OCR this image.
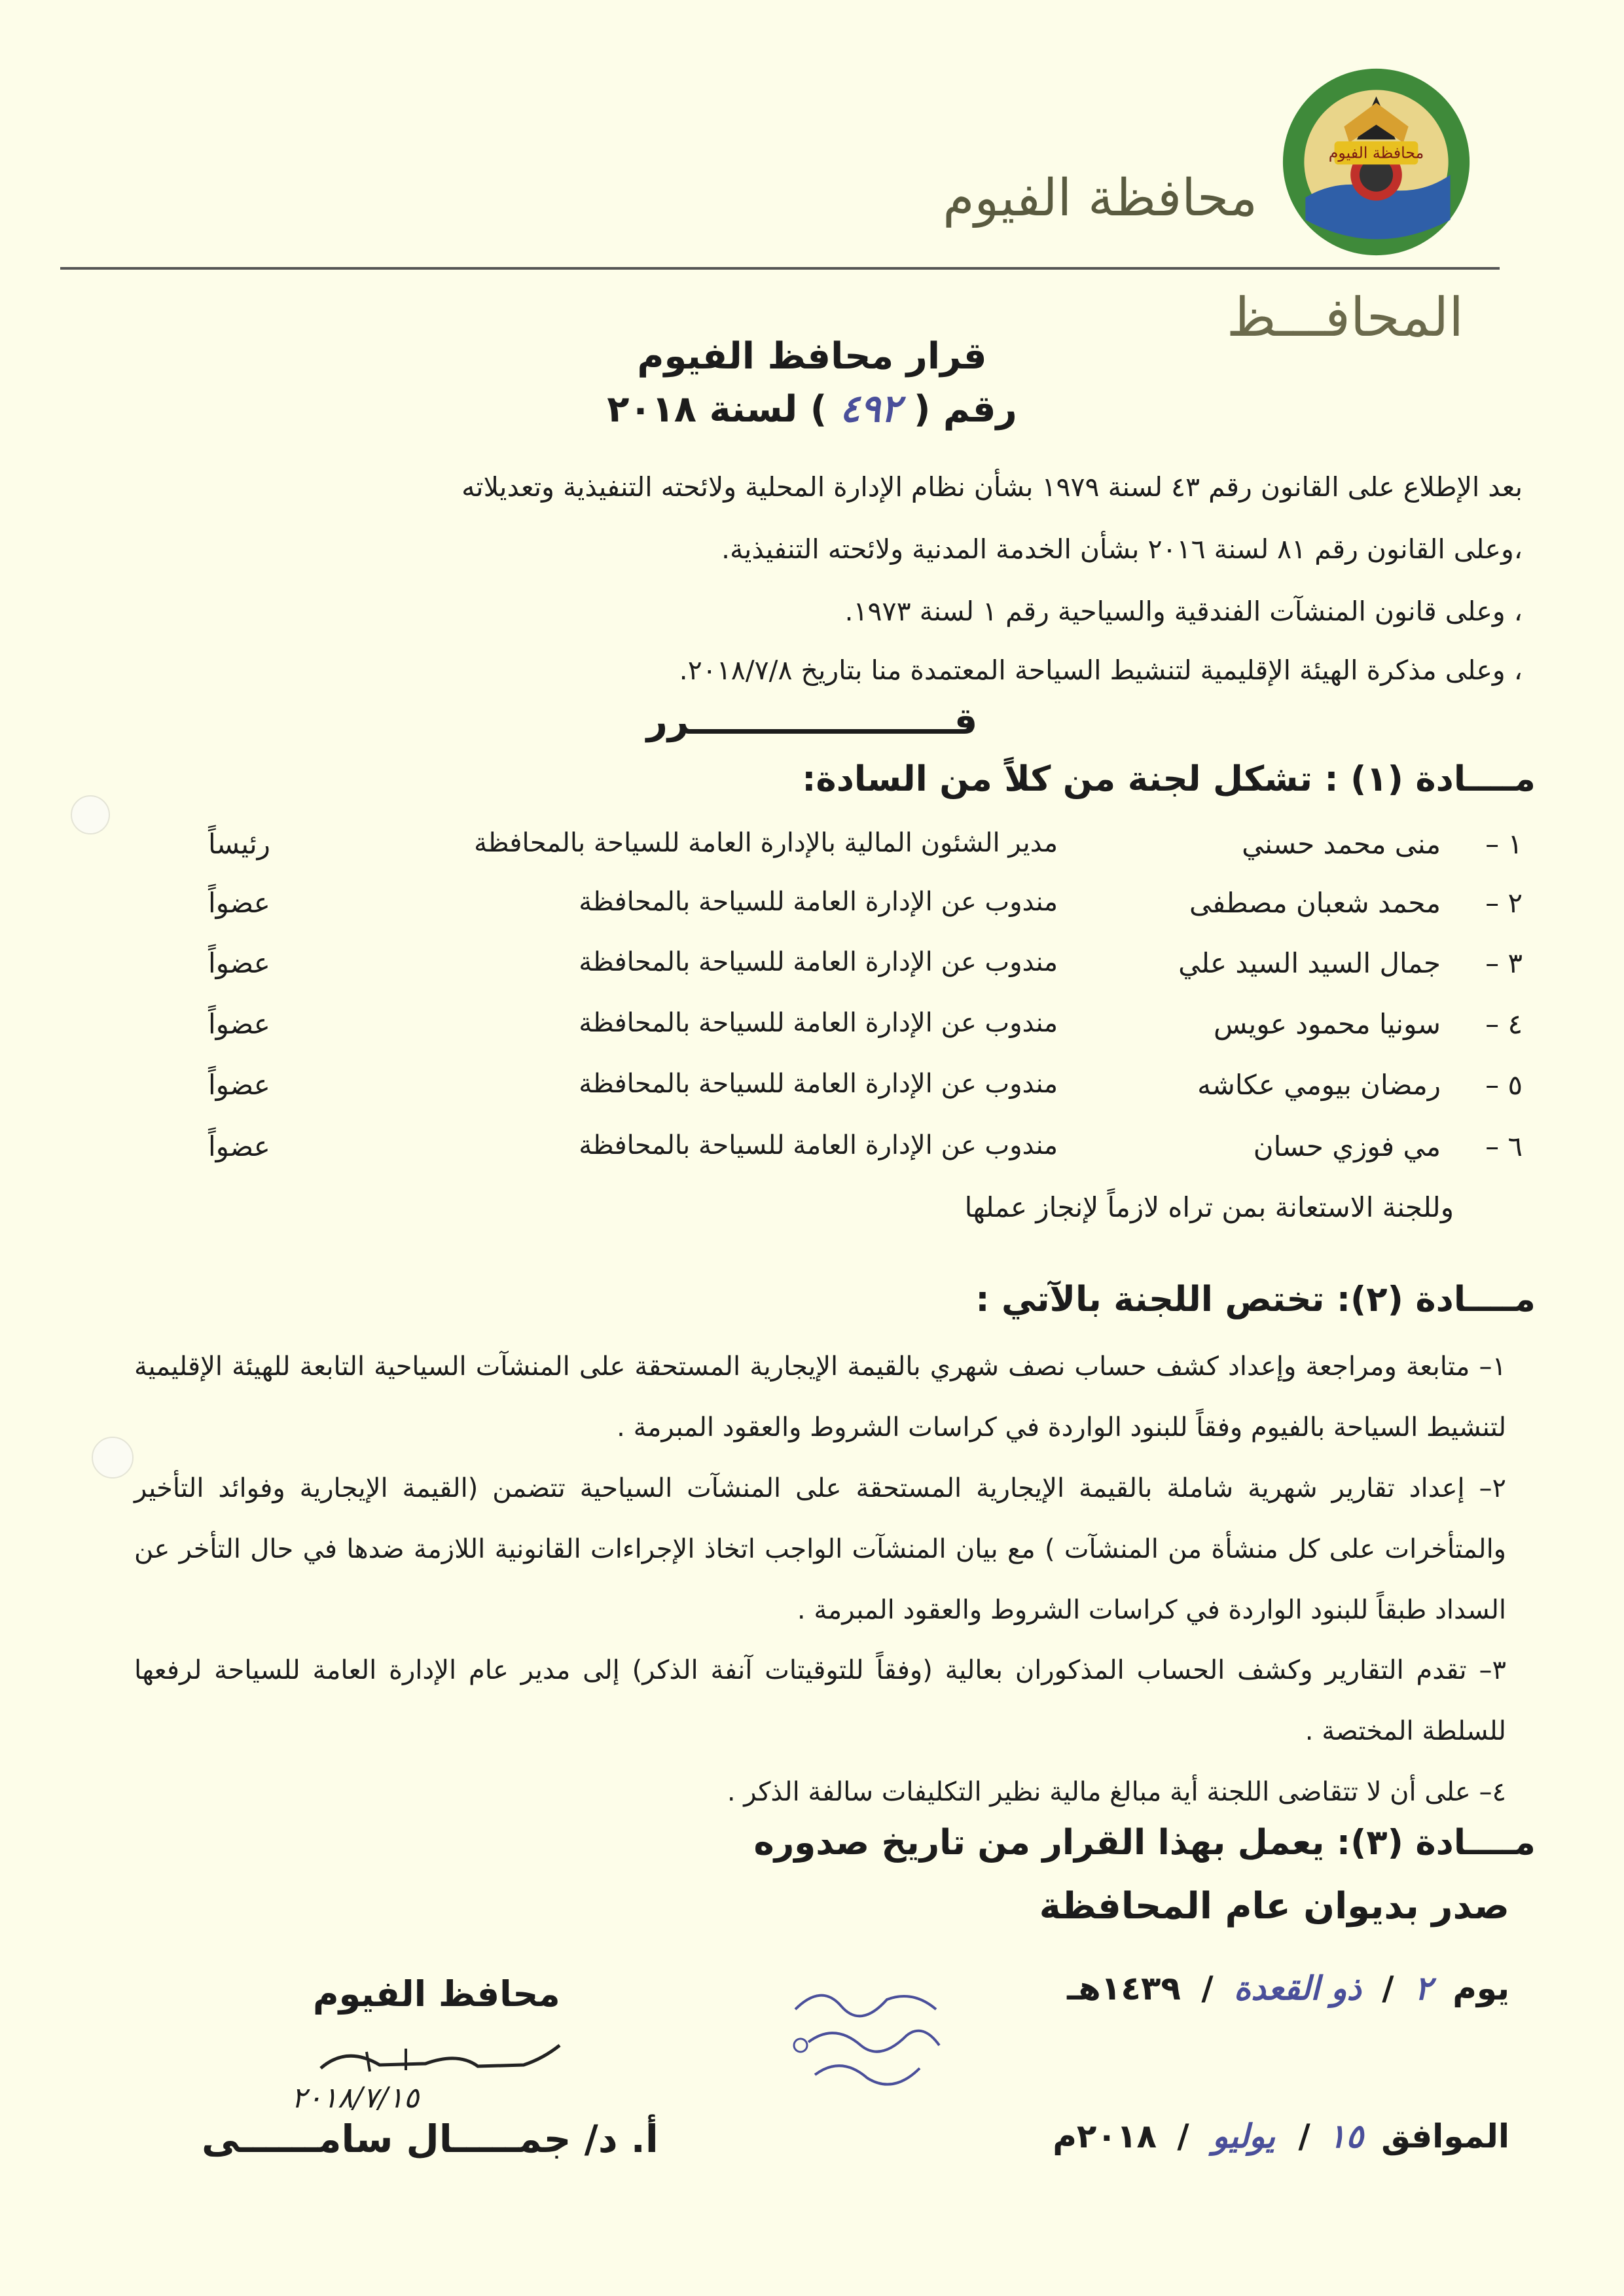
محافظة الفيوم
محافظة الفيوم
المحافـــظ
قرار محافظ الفيوم
رقم ( ٤٩٢ ) لسنة ٢٠١٨
بعد الإطلاع على القانون رقم ٤٣ لسنة ١٩٧٩ بشأن نظام الإدارة المحلية ولائحته التنفيذية وتعديلاته
،وعلى القانون رقم ٨١ لسنة ٢٠١٦ بشأن الخدمة المدنية ولائحته التنفيذية.
، وعلى قانون المنشآت الفندقية والسياحية رقم ١ لسنة ١٩٧٣.
، وعلى مذكرة الهيئة الإقليمية لتنشيط السياحة المعتمدة منا بتاريخ ٢٠١٨/٧/٨.
قـــــــــــــــــــــرر
مــــادة (١) : تشكل لجنة من كلاً من السادة:
١ –
منى محمد حسني
مدير الشئون المالية بالإدارة العامة للسياحة بالمحافظة
رئيساً
٢ –
محمد شعبان مصطفى
مندوب عن الإدارة العامة للسياحة بالمحافظة
عضواً
٣ –
جمال السيد السيد علي
مندوب عن الإدارة العامة للسياحة بالمحافظة
عضواً
٤ –
سونيا محمود عويس
مندوب عن الإدارة العامة للسياحة بالمحافظة
عضواً
٥ –
رمضان بيومي عكاشه
مندوب عن الإدارة العامة للسياحة بالمحافظة
عضواً
٦ –
مي فوزي حسان
مندوب عن الإدارة العامة للسياحة بالمحافظة
عضواً
وللجنة الاستعانة بمن تراه لازماً لإنجاز عملها
مــــادة (٢): تختص اللجنة بالآتي :
١– متابعة ومراجعة وإعداد كشف حساب نصف شهري بالقيمة الإيجارية المستحقة على المنشآت السياحية التابعة للهيئة الإقليمية لتنشيط السياحة بالفيوم وفقاً للبنود الواردة في كراسات الشروط والعقود المبرمة .
٢– إعداد تقارير شهرية شاملة بالقيمة الإيجارية المستحقة على المنشآت السياحية تتضمن (القيمة الإيجارية وفوائد التأخير والمتأخرات على كل منشأة من المنشآت ) مع بيان المنشآت الواجب اتخاذ الإجراءات القانونية اللازمة ضدها في حال التأخر عن السداد طبقاً للبنود الواردة في كراسات الشروط والعقود المبرمة .
٣– تقدم التقارير وكشف الحساب المذكوران بعالية (وفقاً للتوقيتات آنفة الذكر) إلى مدير عام الإدارة العامة للسياحة لرفعها للسلطة المختصة .
٤– على أن لا تتقاضى اللجنة أية مبالغ مالية نظير التكليفات سالفة الذكر .
مــــادة (٣): يعمل بهذا القرار من تاريخ صدوره
صدر بديوان عام المحافظة
يوم ٢ / ذو القعدة / ١٤٣٩هـ
الموافق ١٥ / يوليو / ٢٠١٨م
محافظ الفيوم
٢٠١٨/٧/١٥
أ. د/ جمـــــال سامــــــى
